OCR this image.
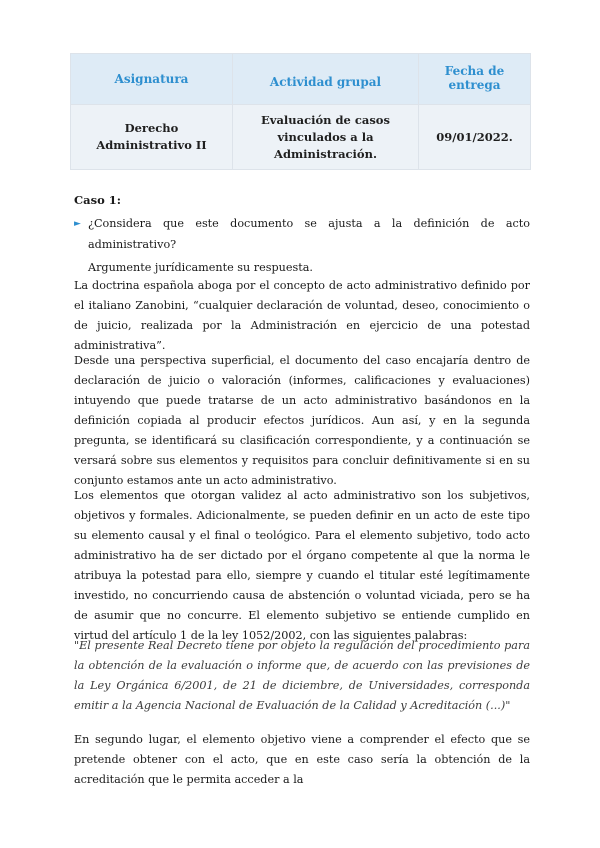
Asignatura	Actividad grupal	Fecha de entrega
Derecho Administrativo II	Evaluación de casos vinculados a la Administración.	09/01/2022.
Caso 1:
► ¿Considera que este documento se ajusta a la definición de acto administrativo?
Argumente jurídicamente su respuesta.
La doctrina española aboga por el concepto de acto administrativo definido por el italiano Zanobini, “cualquier declaración de voluntad, deseo, conocimiento o de juicio, realizada por la Administración en ejercicio de una potestad administrativa”.
Desde una perspectiva superficial, el documento del caso encajaría dentro de declaración de juicio o valoración (informes, calificaciones y evaluaciones) intuyendo que puede tratarse de un acto administrativo basándonos en la definición copiada al producir efectos jurídicos. Aun así, y en la segunda pregunta, se identificará su clasificación correspondiente, y a continuación se versará sobre sus elementos y requisitos para concluir definitivamente si en su conjunto estamos ante un acto administrativo.
Los elementos que otorgan validez al acto administrativo son los subjetivos, objetivos y formales. Adicionalmente, se pueden definir en un acto de este tipo su elemento causal y el final o teológico. Para el elemento subjetivo, todo acto administrativo ha de ser dictado por el órgano competente al que la norma le atribuya la potestad para ello, siempre y cuando el titular esté legítimamente investido, no concurriendo causa de abstención o voluntad viciada, pero se ha de asumir que no concurre. El elemento subjetivo se entiende cumplido en virtud del artículo 1 de la ley 1052/2002, con las siguientes palabras:
"El presente Real Decreto tiene por objeto la regulación del procedimiento para la obtención de la evaluación o informe que, de acuerdo con las previsiones de la Ley Orgánica 6/2001, de 21 de diciembre, de Universidades, corresponda emitir a la Agencia Nacional de Evaluación de la Calidad y Acreditación (...)"
En segundo lugar, el elemento objetivo viene a comprender el efecto que se pretende obtener con el acto, que en este caso sería la obtención de la acreditación que le permita acceder a la
